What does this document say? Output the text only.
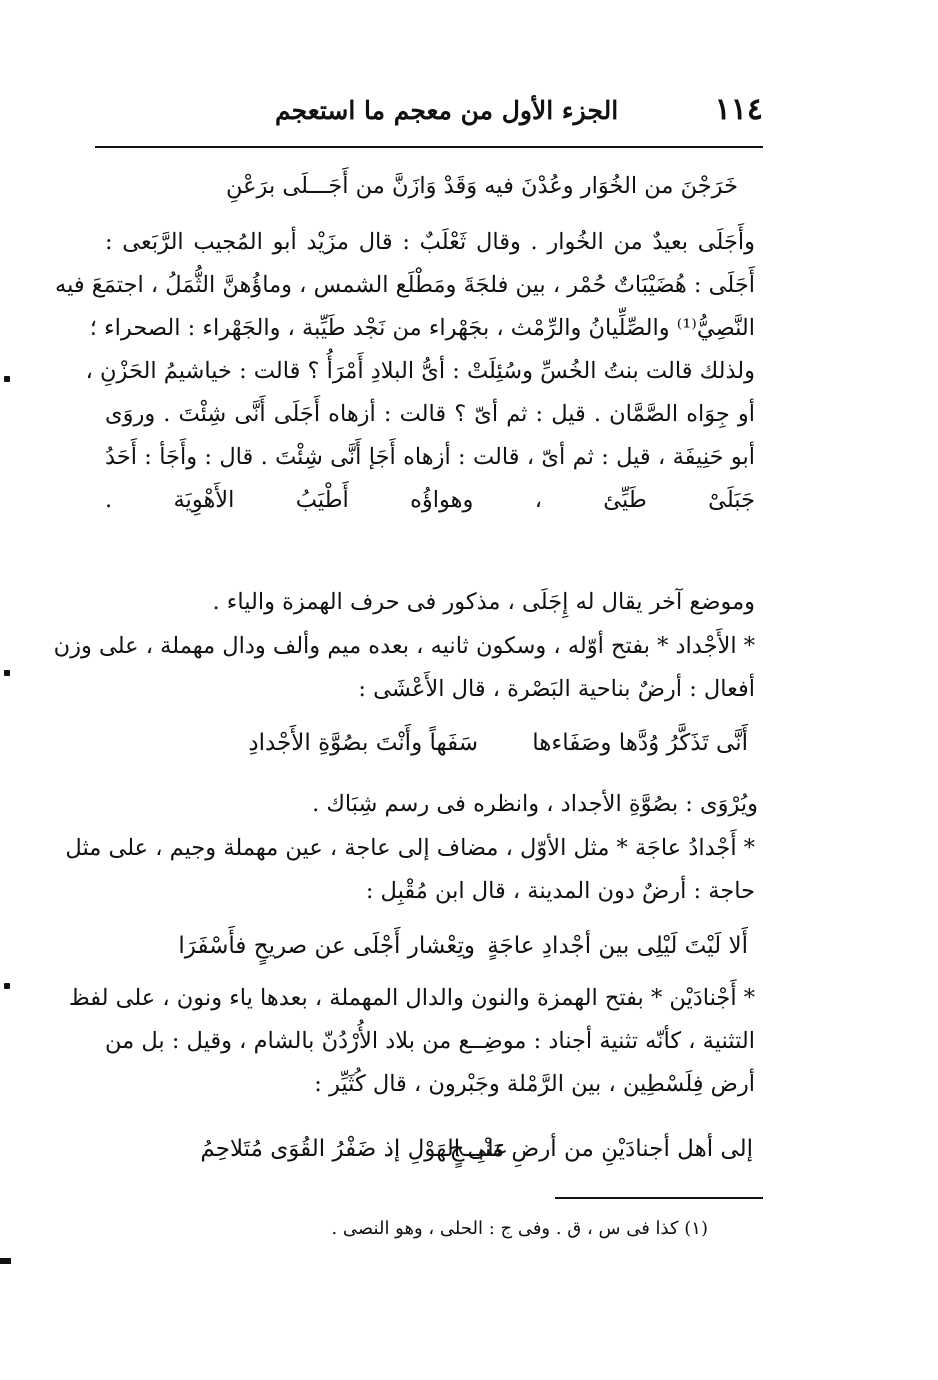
١١٤
الجزء الأول من معجم ما استعجم
خَرَجْنَ من الخُوَار وعُدْنَ فيه وَقَدْ وَازَنَّ من أَجَـــلَى برَعْنِ
وأَجَلَى بعيدٌ من الخُوار . وقال ثَعْلَبٌ : قال مزَيْد أبو المُجيب الرَّبَعى :
أَجَلَى : هُضَيْبَاتٌ حُمْر ، بين فلجَةَ ومَطْلَع الشمس ، وماؤُهنَّ الثُّمَلُ ، اجتمَعَ فيه
النَّصِيُّ⁽¹⁾ والصِّلِّيانُ والرِّمْث ، بجَهْراء من نَجْد طَيِّبة ، والجَهْراء : الصحراء ؛
ولذلك قالت بنتُ الخُسِّ وسُئِلَتْ : أىُّ البلادِ أَمْرَأُ ؟ قالت : خياشيمُ الحَزْنِ ،
أو جِوَاه الصَّمَّان . قيل : ثم أىّ ؟ قالت : أزهاه أَجَلَى أَنَّى شِئْتَ . وروَى
أبو حَنِيفَة ، قيل : ثم أىّ ، قالت : أزهاه أَجَإ أَنَّى شِئْتَ . قال : وأَجَأ : أَحَدُ
جَبَلَىْ طَيِّئ ، وهواؤُه أَطْيَبُ الأَهْوِيَة .
وموضع آخر يقال له إِجَلَى ، مذكور فى حرف الهمزة والياء .
* الأَجْداد * بفتح أوّله ، وسكون ثانيه ، بعده ميم وألف ودال مهملة ، على وزن
أفعال : أرضٌ بناحية البَصْرة ، قال الأَعْشَى :
أَنَّى تَذَكَّرُ وُدَّها وصَفَاءها
سَفَهاً وأَنْتَ بصُوَّةِ الأَجْدادِ
ويُرْوَى : بصُوَّةِ الأجداد ، وانظره فى رسم شِبَاك .
* أَجْدادُ عاجَة * مثل الأوّل ، مضاف إلى عاجة ، عين مهملة وجيم ، على مثل
حاجة : أرضٌ دون المدينة ، قال ابن مُقْبِل :
أَلا لَيْتَ لَيْلِى بين أجْدادِ عاجَةٍ
وتِعْشار أَجْلَى عن صريحٍ فأَسْفَرَا
* أَجْنادَيْن * بفتح الهمزة والنون والدال المهملة ، بعدها ياء ونون ، على لفظ
التثنية ، كأنّه تثنية أجناد : موضِــع من بلاد الأُرْدُنّ بالشام ، وقيل : بل من
أرض فِلَسْطِين ، بين الرَّمْلة وجَبْرون ، قال كُثَيِّر :
إلى أهل أجنادَيْنِ من أرضِ مَنْبِــجٍ
على الهَوْلِ إذ ضَفْرُ القُوَى مُتَلاحِمُ
(١) كذا فى س ، ق . وفى ج : الحلى ، وهو النصى .
